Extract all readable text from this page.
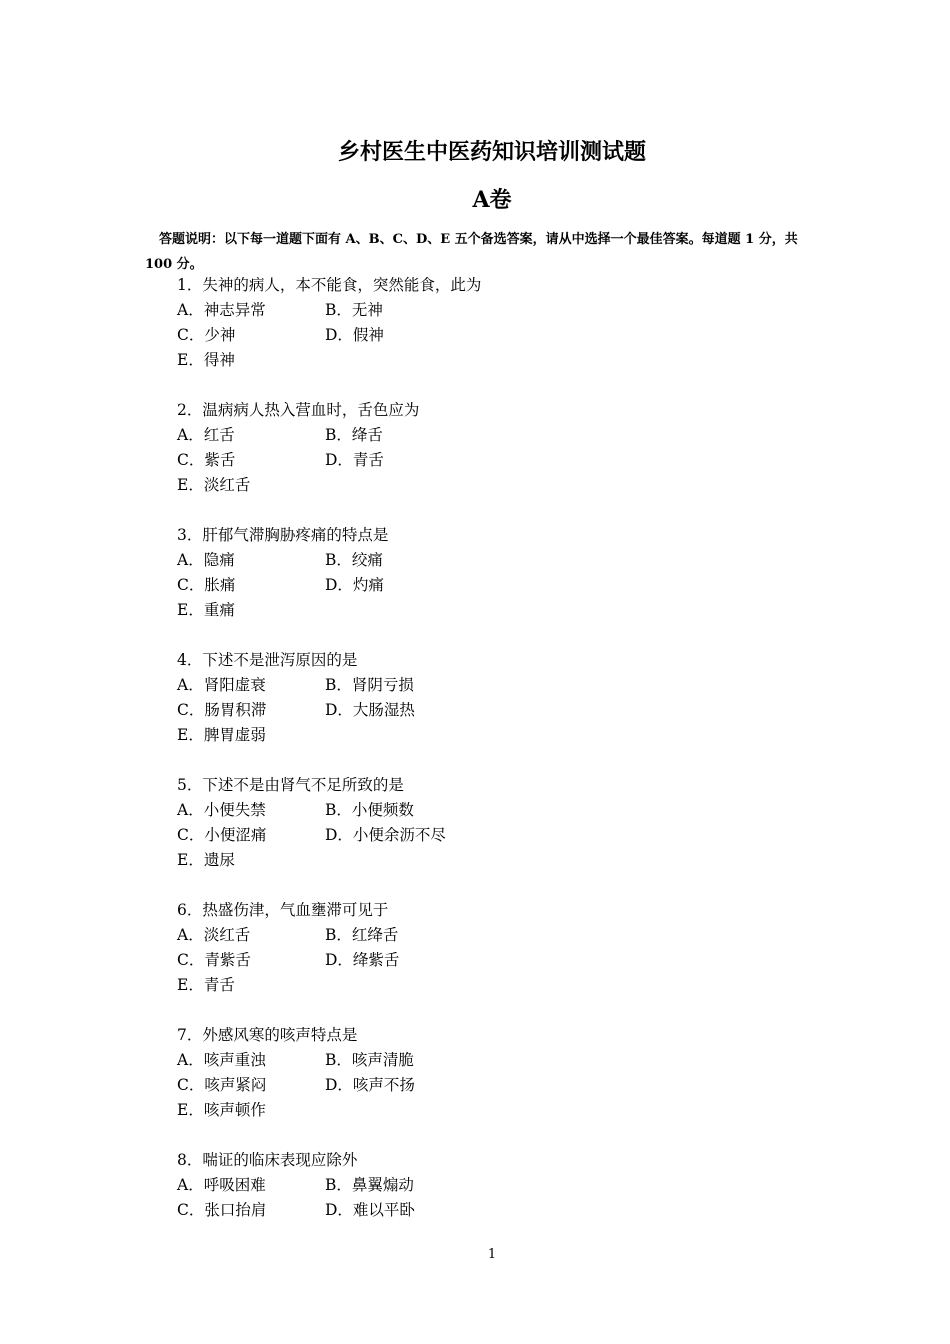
乡村医生中医药知识培训测试题
A卷
答题说明：以下每一道题下面有 A、B、C、D、E 五个备选答案，请从中选择一个最佳答案。每道题 1 分，共 100 分。
1．失神的病人，本不能食，突然能食，此为
A．神志异常	B．无神
C．少神	D．假神
E．得神
2．温病病人热入营血时，舌色应为
A．红舌	B．绛舌
C．紫舌	D．青舌
E．淡红舌
3．肝郁气滞胸胁疼痛的特点是
A．隐痛	B．绞痛
C．胀痛	D．灼痛
E．重痛
4．下述不是泄泻原因的是
A．肾阳虚衰	B．肾阴亏损
C．肠胃积滞	D．大肠湿热
E．脾胃虚弱
5．下述不是由肾气不足所致的是
A．小便失禁	B．小便频数
C．小便涩痛	D．小便余沥不尽
E．遗尿
6．热盛伤津，气血壅滞可见于
A．淡红舌	B．红绛舌
C．青紫舌	D．绛紫舌
E．青舌
7．外感风寒的咳声特点是
A．咳声重浊	B．咳声清脆
C．咳声紧闷	D．咳声不扬
E．咳声顿作
8．喘证的临床表现应除外
A．呼吸困难	B．鼻翼煽动
C．张口抬肩	D．难以平卧
1
